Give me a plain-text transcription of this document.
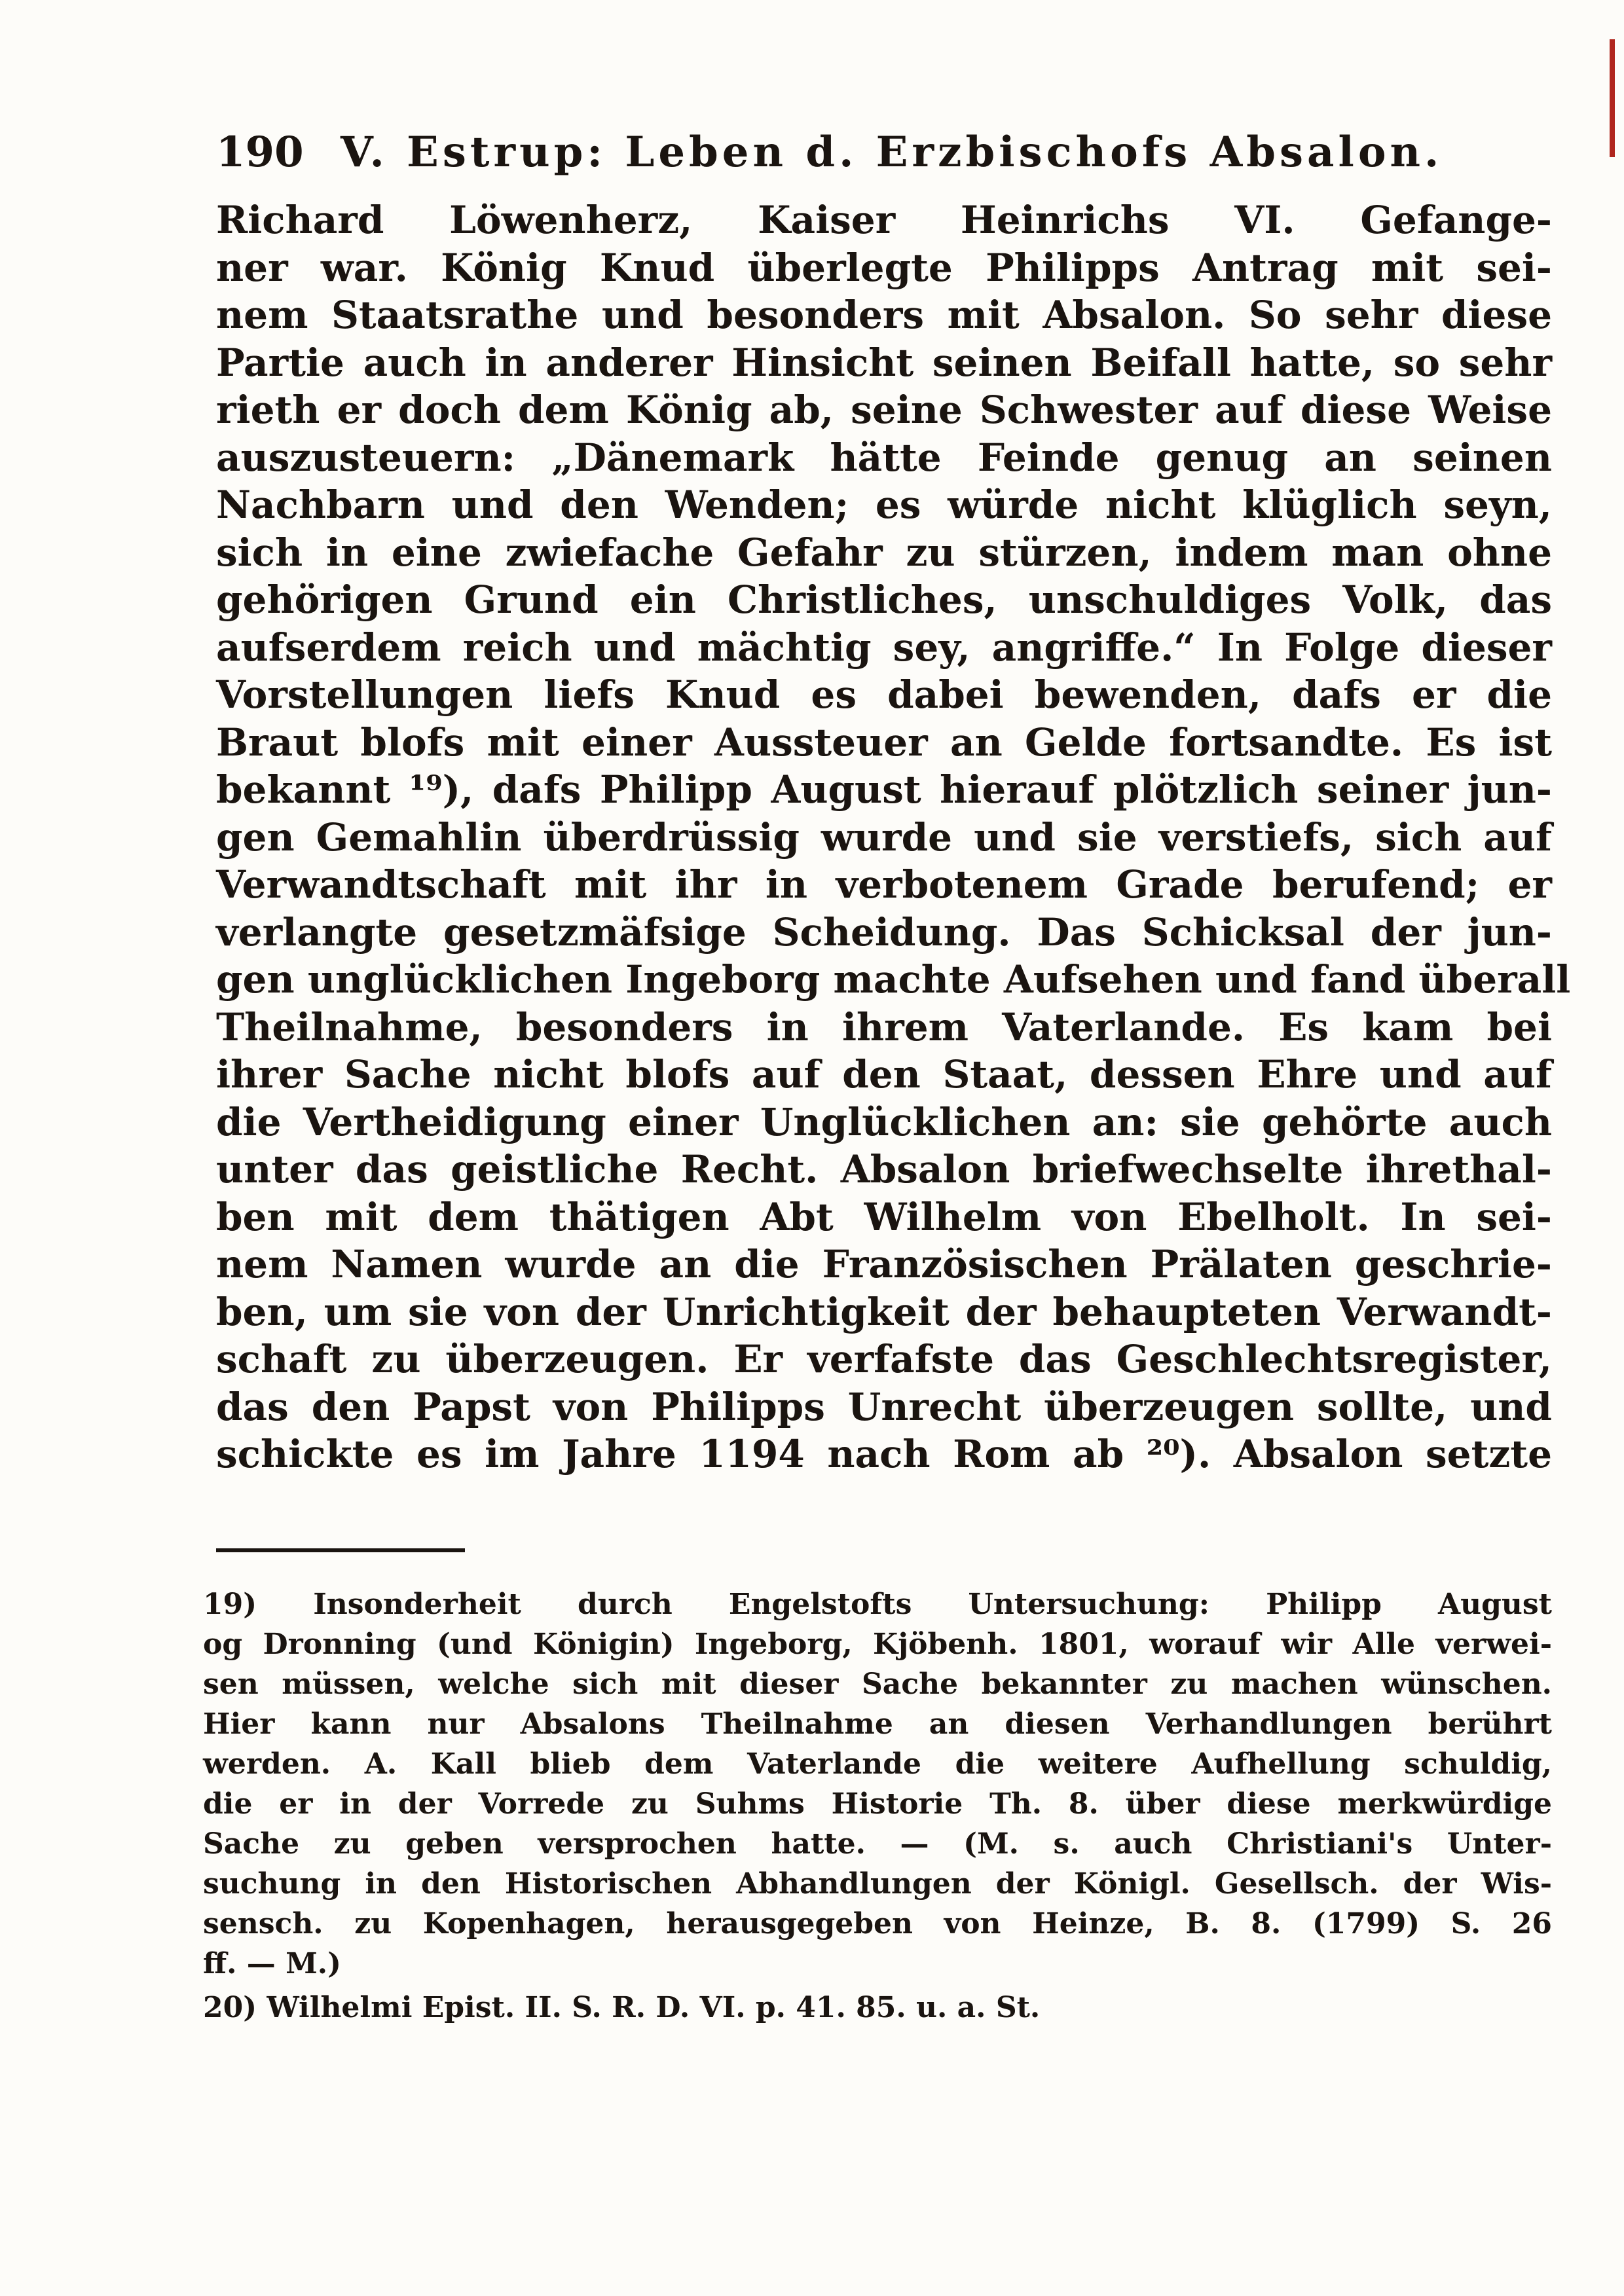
190 V. Estrup: Leben d. Erzbischofs Absalon.
Richard Löwenherz, Kaiser Heinrichs VI. Gefange-
ner war. König Knud überlegte Philipps Antrag mit sei-
nem Staatsrathe und besonders mit Absalon. So sehr diese
Partie auch in anderer Hinsicht seinen Beifall hatte, so sehr
rieth er doch dem König ab, seine Schwester auf diese Weise
auszusteuern: „Dänemark hätte Feinde genug an seinen
Nachbarn und den Wenden; es würde nicht klüglich seyn,
sich in eine zwiefache Gefahr zu stürzen, indem man ohne
gehörigen Grund ein Christliches, unschuldiges Volk, das
aufserdem reich und mächtig sey, angriffe.“ In Folge dieser
Vorstellungen liefs Knud es dabei bewenden, dafs er die
Braut blofs mit einer Aussteuer an Gelde fortsandte. Es ist
bekannt ¹⁹), dafs Philipp August hierauf plötzlich seiner jun-
gen Gemahlin überdrüssig wurde und sie verstiefs, sich auf
Verwandtschaft mit ihr in verbotenem Grade berufend; er
verlangte gesetzmäfsige Scheidung. Das Schicksal der jun-
gen unglücklichen Ingeborg machte Aufsehen und fand überall
Theilnahme, besonders in ihrem Vaterlande. Es kam bei
ihrer Sache nicht blofs auf den Staat, dessen Ehre und auf
die Vertheidigung einer Unglücklichen an: sie gehörte auch
unter das geistliche Recht. Absalon briefwechselte ihrethal-
ben mit dem thätigen Abt Wilhelm von Ebelholt. In sei-
nem Namen wurde an die Französischen Prälaten geschrie-
ben, um sie von der Unrichtigkeit der behaupteten Verwandt-
schaft zu überzeugen. Er verfafste das Geschlechtsregister,
das den Papst von Philipps Unrecht überzeugen sollte, und
schickte es im Jahre 1194 nach Rom ab ²⁰). Absalon setzte
19) Insonderheit durch Engelstofts Untersuchung: Philipp August
og Dronning (und Königin) Ingeborg, Kjöbenh. 1801, worauf wir Alle verwei-
sen müssen, welche sich mit dieser Sache bekannter zu machen wünschen.
Hier kann nur Absalons Theilnahme an diesen Verhandlungen berührt
werden. A. Kall blieb dem Vaterlande die weitere Aufhellung schuldig,
die er in der Vorrede zu Suhms Historie Th. 8. über diese merkwürdige
Sache zu geben versprochen hatte. — (M. s. auch Christiani's Unter-
suchung in den Historischen Abhandlungen der Königl. Gesellsch. der Wis-
sensch. zu Kopenhagen, herausgegeben von Heinze, B. 8. (1799) S. 26
ff. — M.)
20) Wilhelmi Epist. II. S. R. D. VI. p. 41. 85. u. a. St.
